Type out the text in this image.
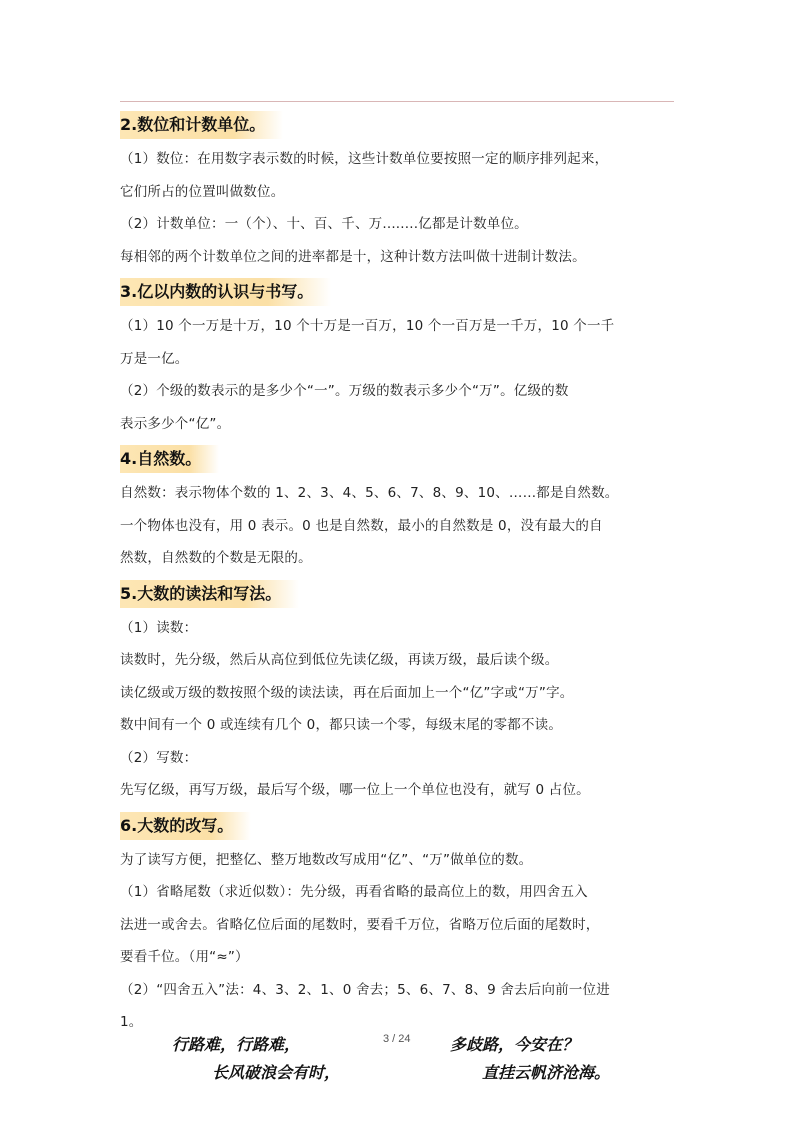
2.数位和计数单位。
（1）数位：在用数字表示数的时候，这些计数单位要按照一定的顺序排列起来，
它们所占的位置叫做数位。
（2）计数单位：一（个）、十、百、千、万........亿都是计数单位。
每相邻的两个计数单位之间的进率都是十，这种计数方法叫做十进制计数法。
3.亿以内数的认识与书写。
（1）10 个一万是十万，10 个十万是一百万，10 个一百万是一千万，10 个一千
万是一亿。
（2）个级的数表示的是多少个“一”。万级的数表示多少个“万”。亿级的数
表示多少个“亿”。
4.自然数。
自然数：表示物体个数的 1、2、3、4、5、6、7、8、9、10、……都是自然数。
一个物体也没有，用 0 表示。0 也是自然数，最小的自然数是 0，没有最大的自
然数，自然数的个数是无限的。
5.大数的读法和写法。
（1）读数：
读数时，先分级，然后从高位到低位先读亿级，再读万级，最后读个级。
读亿级或万级的数按照个级的读法读，再在后面加上一个“亿”字或“万”字。
数中间有一个 0 或连续有几个 0，都只读一个零，每级末尾的零都不读。
（2）写数：
先写亿级，再写万级，最后写个级，哪一位上一个单位也没有，就写 0 占位。
6.大数的改写。
为了读写方便，把整亿、整万地数改写成用“亿”、“万”做单位的数。
（1）省略尾数（求近似数）：先分级，再看省略的最高位上的数，用四舍五入
法进一或舍去。省略亿位后面的尾数时，要看千万位，省略万位后面的尾数时，
要看千位。（用“≈”）
（2）“四舍五入”法：4、3、2、1、0 舍去；5、6、7、8、9 舍去后向前一位进
1。
3 / 24
行路难，行路难，	多歧路，今安在？
长风破浪会有时，	直挂云帆济沧海。
